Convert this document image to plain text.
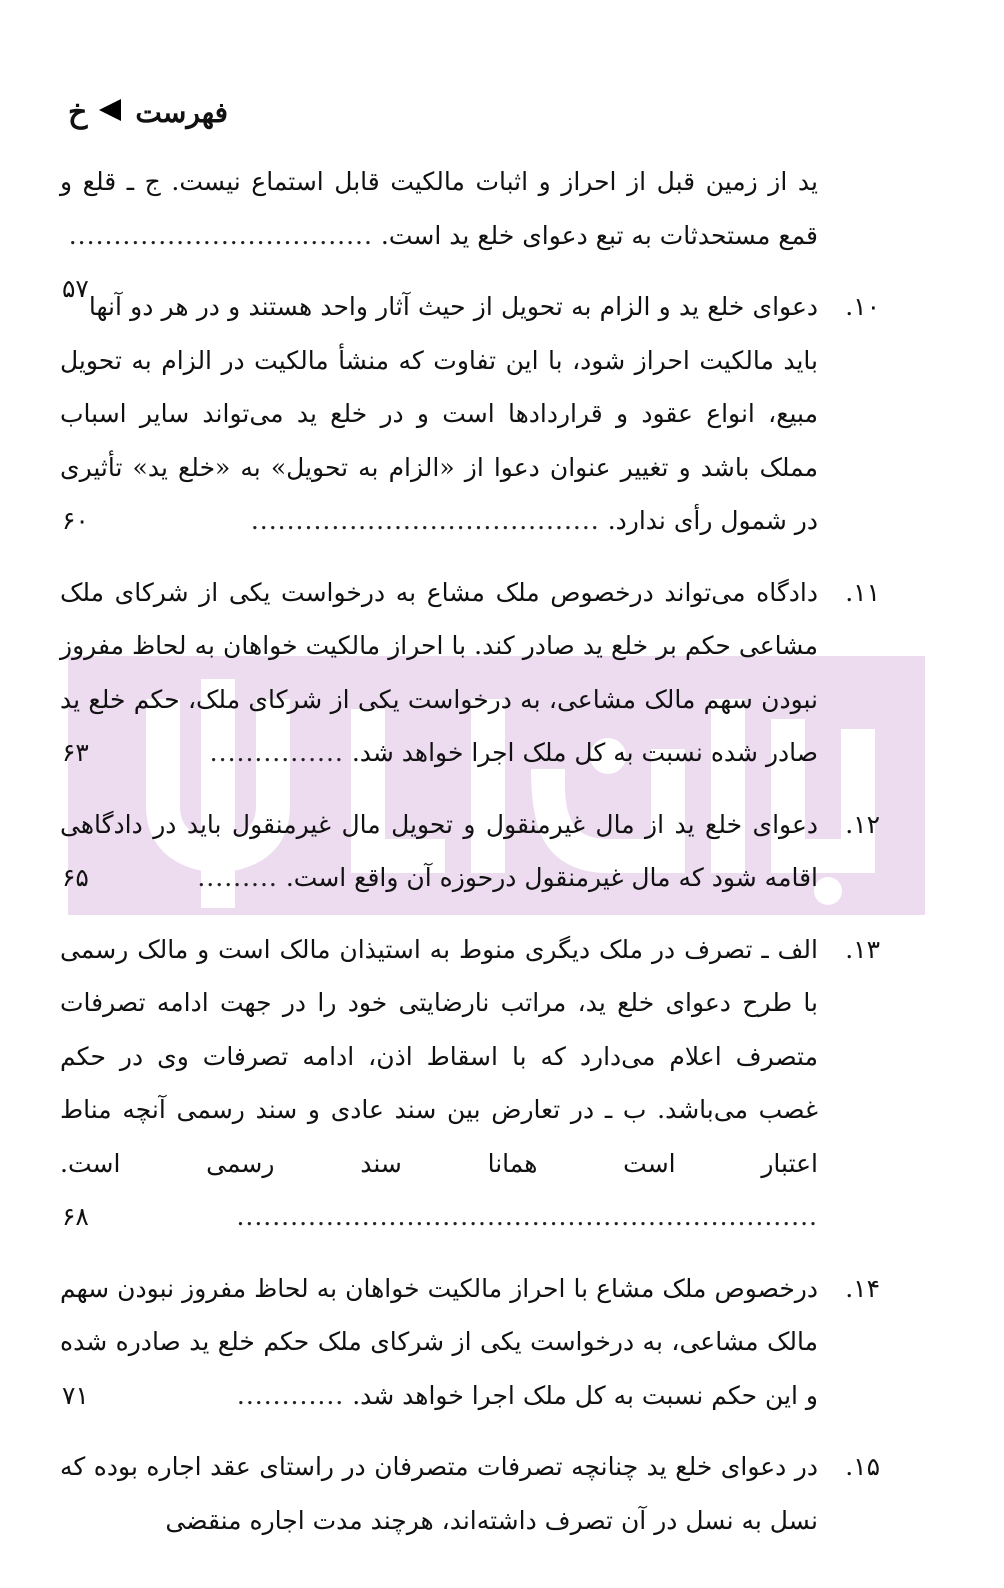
خ فهرست
ید از زمین قبل از احراز و اثبات مالکیت قابل استماع نیست. ج ـ قلع و قمع مستحدثات به تبع دعوای خلع ید است. ..................................
۵۷
۱۰.
دعوای خلع ید و الزام به تحویل از حیث آثار واحد هستند و در هر دو آنها باید مالکیت احراز شود، با این تفاوت که منشأ مالکیت در الزام به تحویل مبیع، انواع عقود و قراردادها است و در خلع ید می‌تواند سایر اسباب مملک باشد و تغییر عنوان دعوا از «الزام به تحویل» به «خلع ید» تأثیری در شمول رأی ندارد. .......................................
۶۰
۱۱.
دادگاه می‌تواند درخصوص ملک مشاع به درخواست یکی از شرکای ملک مشاعی حکم بر خلع ید صادر کند. با احراز مالکیت خواهان به لحاظ مفروز نبودن سهم مالک مشاعی، به درخواست یکی از شرکای ملک، حکم خلع ید صادر شده نسبت به کل ملک اجرا خواهد شد. ...............
۶۳
۱۲.
دعوای خلع ید از مال غیرمنقول و تحویل مال غیرمنقول باید در دادگاهی اقامه شود که مال غیرمنقول درحوزه آن واقع است. .........
۶۵
۱۳.
الف ـ تصرف در ملک دیگری منوط به استیذان مالک است و مالک رسمی با طرح دعوای خلع ید، مراتب نارضایتی خود را در جهت ادامه تصرفات متصرف اعلام می‌دارد که با اسقاط اذن، ادامه تصرفات وی در حکم غصب می‌باشد. ب ـ در تعارض بین سند عادی و سند رسمی آنچه مناط اعتبار است همانا سند رسمی است. .................................................................
۶۸
۱۴.
درخصوص ملک مشاع با احراز مالکیت خواهان به لحاظ مفروز نبودن سهم مالک مشاعی، به درخواست یکی از شرکای ملک حکم خلع ید صادره شده و این حکم نسبت به کل ملک اجرا خواهد شد. ............
۷۱
۱۵.
در دعوای خلع ید چنانچه تصرفات متصرفان در راستای عقد اجاره بوده که نسل به نسل در آن تصرف داشته‌اند، هرچند مدت اجاره منقضی
